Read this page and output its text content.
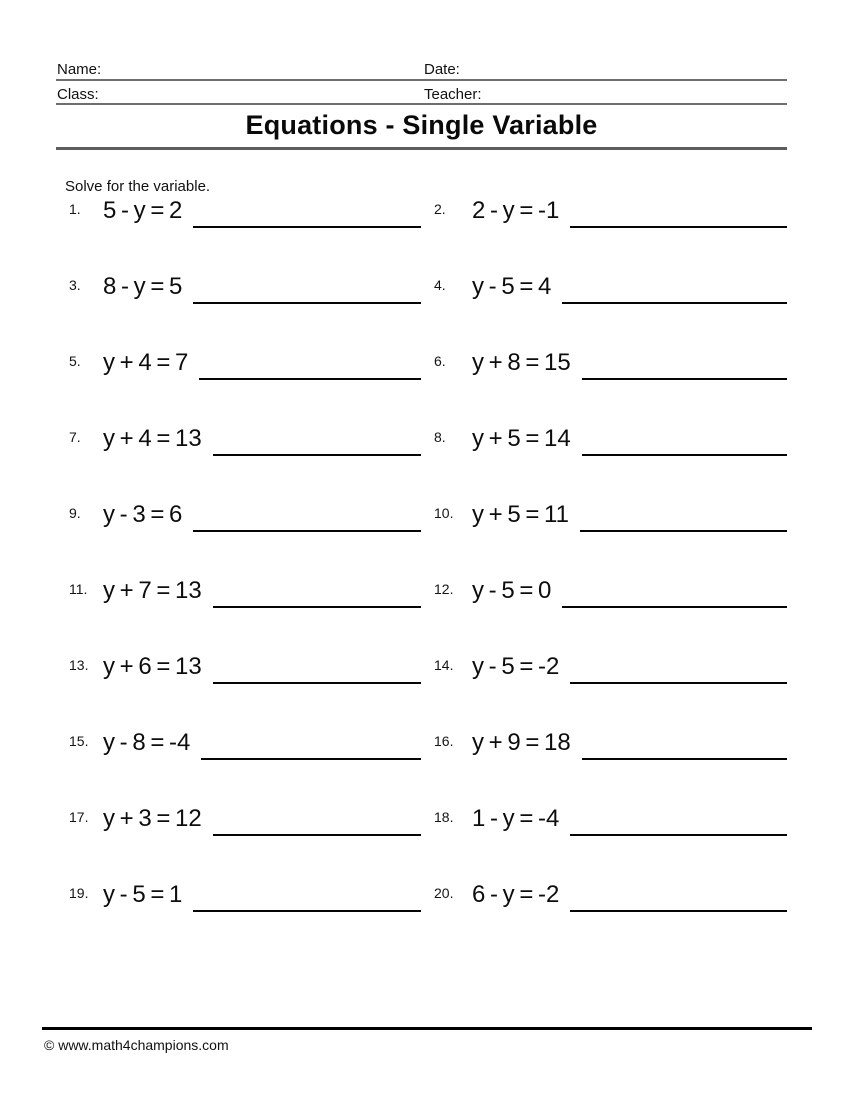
Name:	Date:
Class:	Teacher:
Equations - Single Variable
Solve for the variable.
1. 5 - y = 2	2.	2 - y = -1
3. 8 - y = 5	4.	y - 5 = 4
5. y + 4 = 7	6.	y + 8 = 15
7. y + 4 = 13	8.	y + 5 = 14
9. y - 3 = 6	10. y + 5 = 11
11. y + 7 = 13	12. y - 5 = 0
13. y + 6 = 13	14. y - 5 = -2
15. y - 8 = -4	16. y + 9 = 18
17. y + 3 = 12	18. 1 - y = -4
19. y - 5 = 1	20. 6 - y = -2
© www.math4champions.com
